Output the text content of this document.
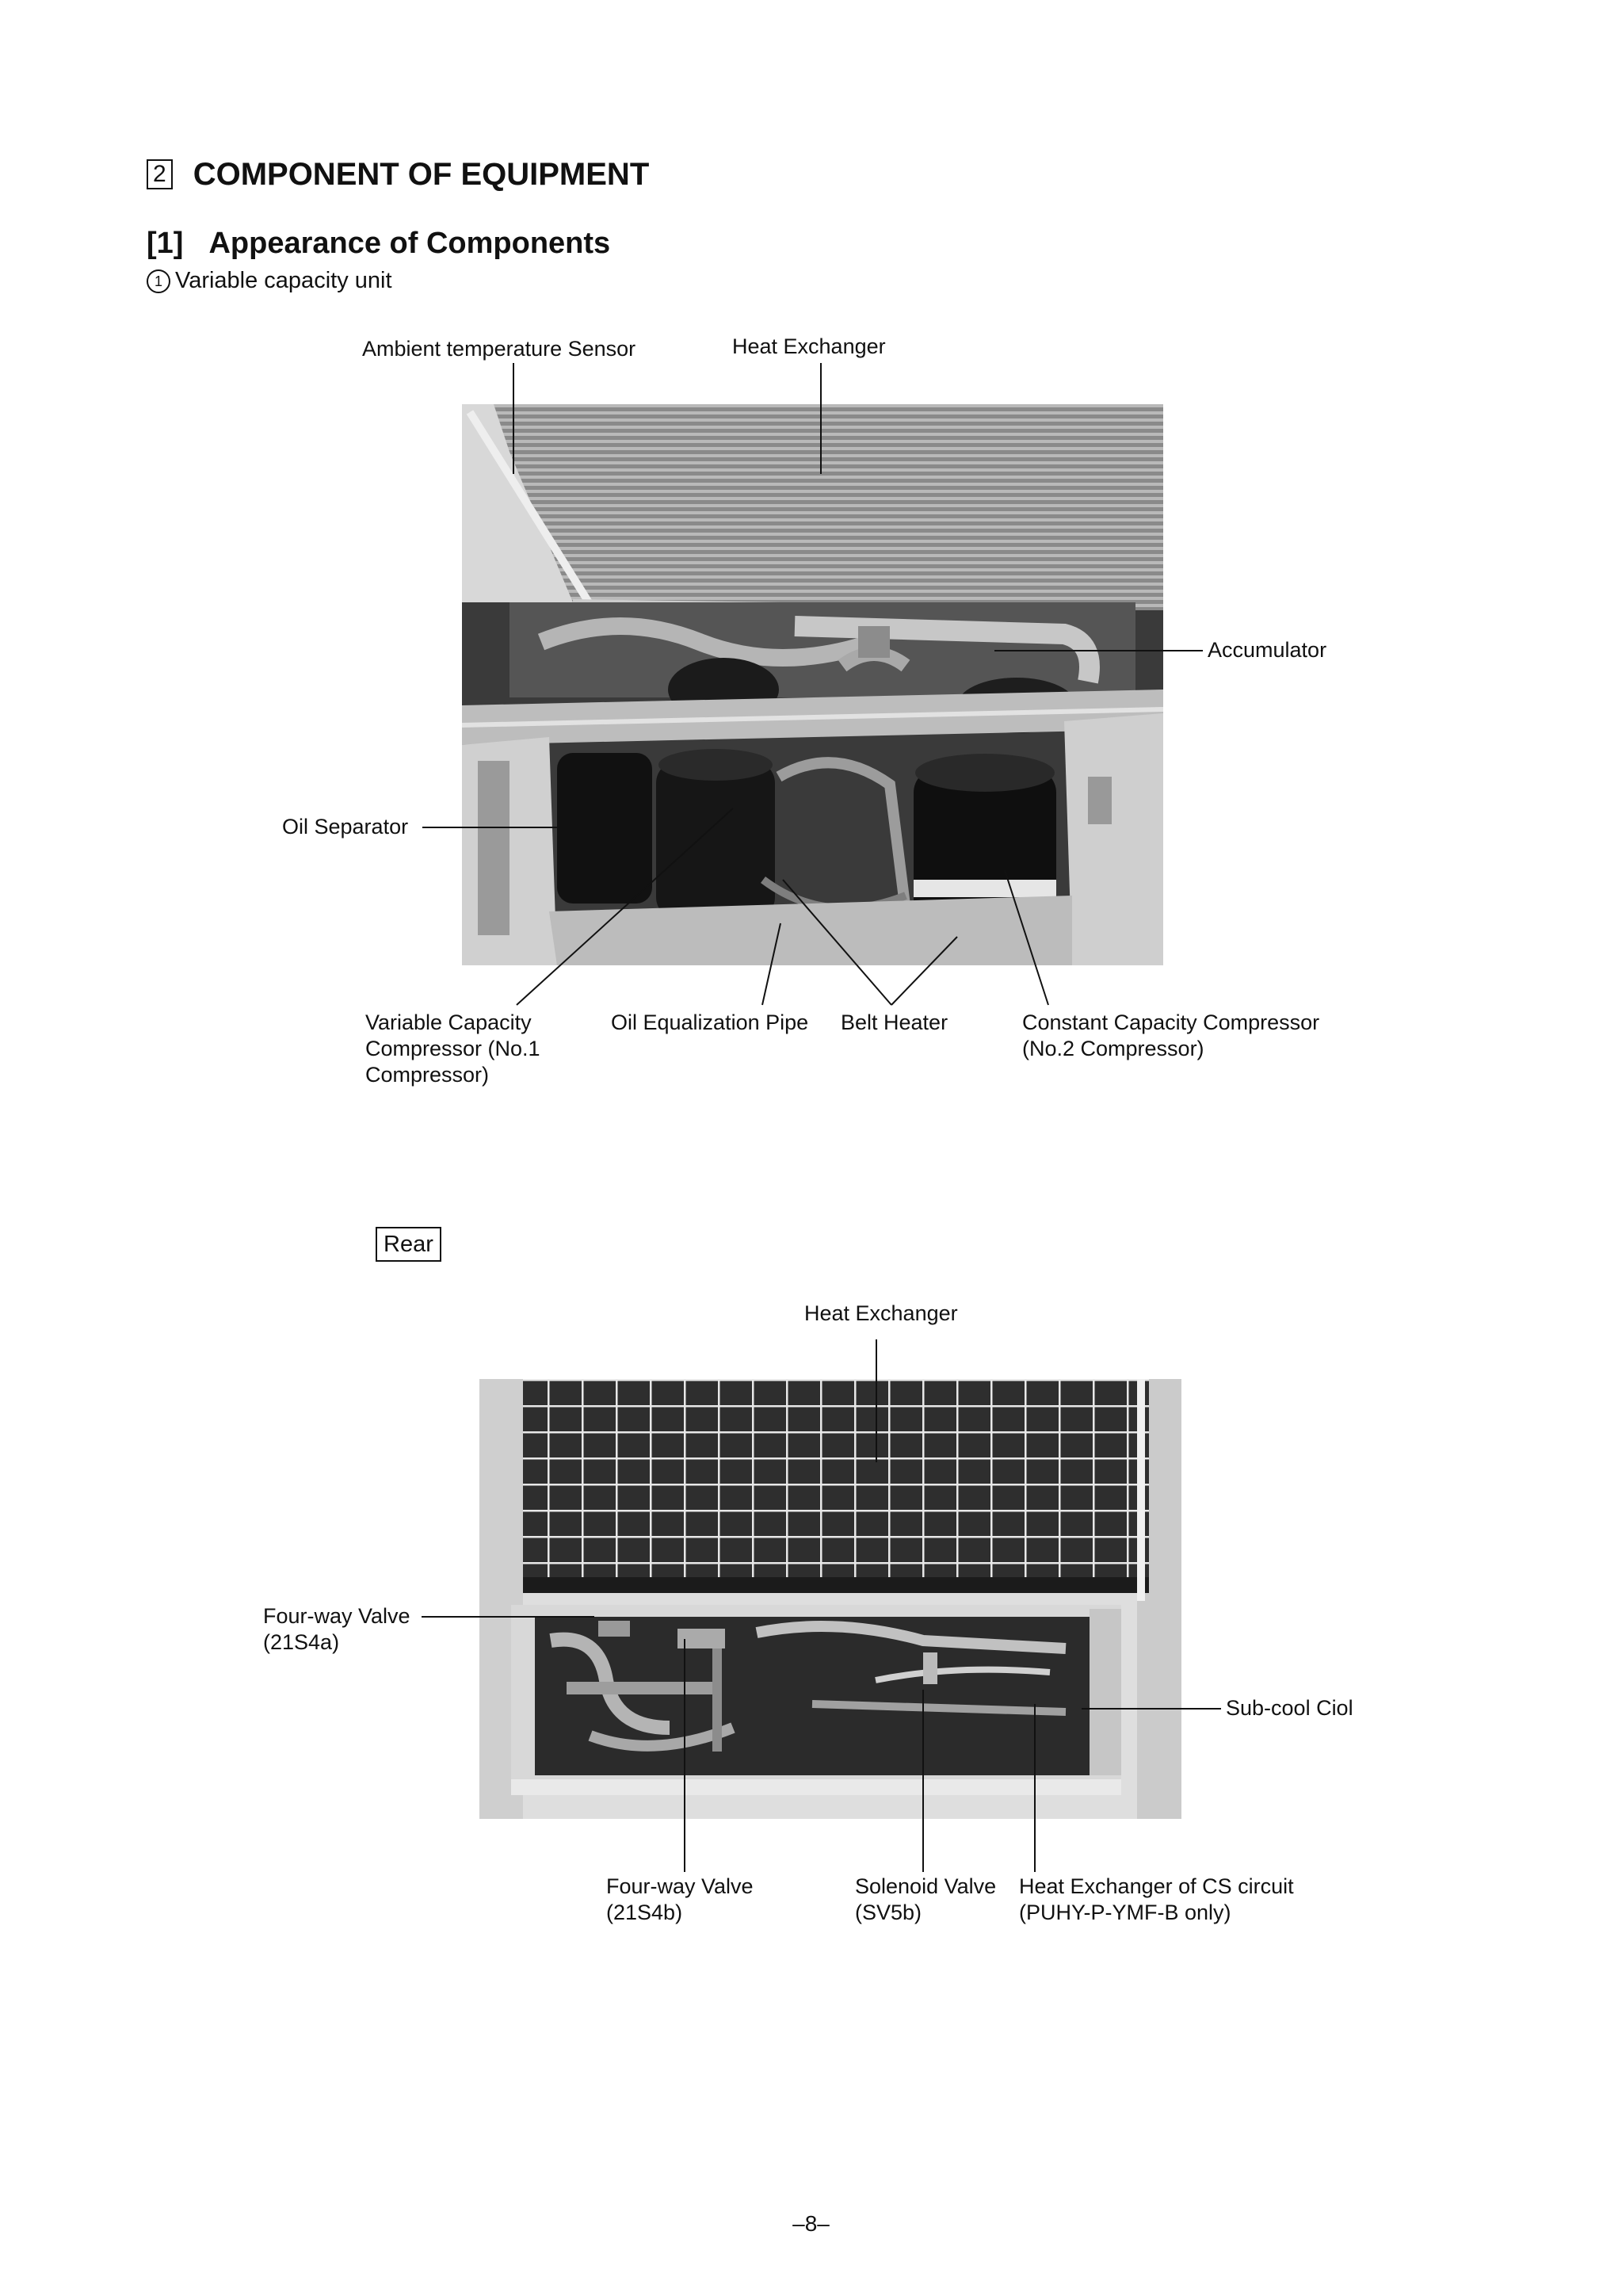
2 COMPONENT OF EQUIPMENT
[1] Appearance of Components
1 Variable capacity unit
Ambient temperature Sensor	Heat Exchanger
Accumulator
Oil Separator
Variable Capacity
Compressor (No.1
Compressor)
Oil Equalization Pipe Belt Heater	Constant Capacity Compressor
(No.2 Compressor)
Rear
Heat Exchanger
Four-way Valve
(21S4a)
Sub-cool Ciol
Four-way Valve
(21S4b)
Solenoid Valve
(SV5b)
Heat Exchanger of CS circuit
(PUHY-P-YMF-B only)
–8–
